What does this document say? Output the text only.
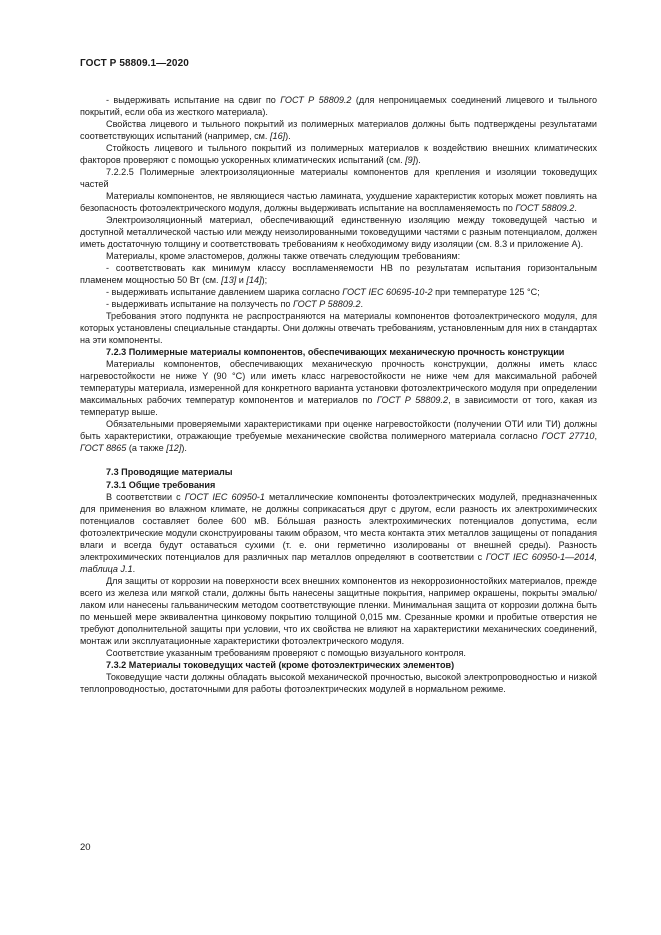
ГОСТ Р 58809.1—2020

- выдерживать испытание на сдвиг по ГОСТ Р 58809.2 (для непроницаемых соединений лицевого и тыльного покрытий, если оба из жесткого материала).

Свойства лицевого и тыльного покрытий из полимерных материалов должны быть подтверждены результатами соответствующих испытаний (например, см. [16]).

Стойкость лицевого и тыльного покрытий из полимерных материалов к воздействию внешних климатических факторов проверяют с помощью ускоренных климатических испытаний (см. [9]).

7.2.2.5 Полимерные электроизоляционные материалы компонентов для крепления и изоляции токоведущих частей

Материалы компонентов, не являющиеся частью ламината, ухудшение характеристик которых может повлиять на безопасность фотоэлектрического модуля, должны выдерживать испытание на воспламеняемость по ГОСТ 58809.2.

Электроизоляционный материал, обеспечивающий единственную изоляцию между токоведущей частью и доступной металлической частью или между неизолированными токоведущими частями с разным потенциалом, должен иметь достаточную толщину и соответствовать требованиям к необходимому виду изоляции (см. 8.3 и приложение А).

Материалы, кроме эластомеров, должны также отвечать следующим требованиям:

- соответствовать как минимум классу воспламеняемости НВ по результатам испытания горизонтальным пламенем мощностью 50 Вт (см. [13] и [14]);

- выдерживать испытание давлением шарика согласно ГОСТ IEC 60695-10-2 при температуре 125 °С;

- выдерживать испытание на ползучесть по ГОСТ Р 58809.2.

Требования этого подпункта не распространяются на материалы компонентов фотоэлектрического модуля, для которых установлены специальные стандарты. Они должны отвечать требованиям, установленным для них в стандартах на эти компоненты.

7.2.3 Полимерные материалы компонентов, обеспечивающих механическую прочность конструкции

Материалы компонентов, обеспечивающих механическую прочность конструкции, должны иметь класс нагревостойкости не ниже Y (90 °С) или иметь класс нагревостойкости не ниже чем для максимальной рабочей температуры материала, измеренной для конкретного варианта установки фотоэлектрического модуля при определении максимальных рабочих температур компонентов и материалов по ГОСТ Р 58809.2, в зависимости от того, какая из температур выше.

Обязательными проверяемыми характеристиками при оценке нагревостойкости (получении ОТИ или ТИ) должны быть характеристики, отражающие требуемые механические свойства полимерного материала согласно ГОСТ 27710, ГОСТ 8865 (а также [12]).

7.3 Проводящие материалы
7.3.1 Общие требования

В соответствии с ГОСТ IEC 60950-1 металлические компоненты фотоэлектрических модулей, предназначенных для применения во влажном климате, не должны соприкасаться друг с другом, если разность их электрохимических потенциалов составляет более 600 мВ. Бо́льшая разность электрохимических потенциалов допустима, если фотоэлектрические модули сконструированы таким образом, что места контакта этих металлов защищены от попадания влаги и всегда будут оставаться сухими (т. е. они герметично изолированы от внешней среды). Разность электрохимических потенциалов для различных пар металлов определяют в соответствии с ГОСТ IEC 60950-1—2014, таблица J.1.

Для защиты от коррозии на поверхности всех внешних компонентов из некоррозионностойких материалов, прежде всего из железа или мягкой стали, должны быть нанесены защитные покрытия, например окрашены, покрыты эмалью/лаком или нанесены гальваническим методом соответствующие пленки. Минимальная защита от коррозии должна быть по меньшей мере эквивалентна цинковому покрытию толщиной 0,015 мм. Срезанные кромки и пробитые отверстия не требуют дополнительной защиты при условии, что их свойства не влияют на характеристики механических соединений, монтаж или эксплуатационные характеристики фотоэлектрического модуля.

Соответствие указанным требованиям проверяют с помощью визуального контроля.

7.3.2 Материалы токоведущих частей (кроме фотоэлектрических элементов)

Токоведущие части должны обладать высокой механической прочностью, высокой электропроводностью и низкой теплопроводностью, достаточными для работы фотоэлектрических модулей в нормальном режиме.

20
